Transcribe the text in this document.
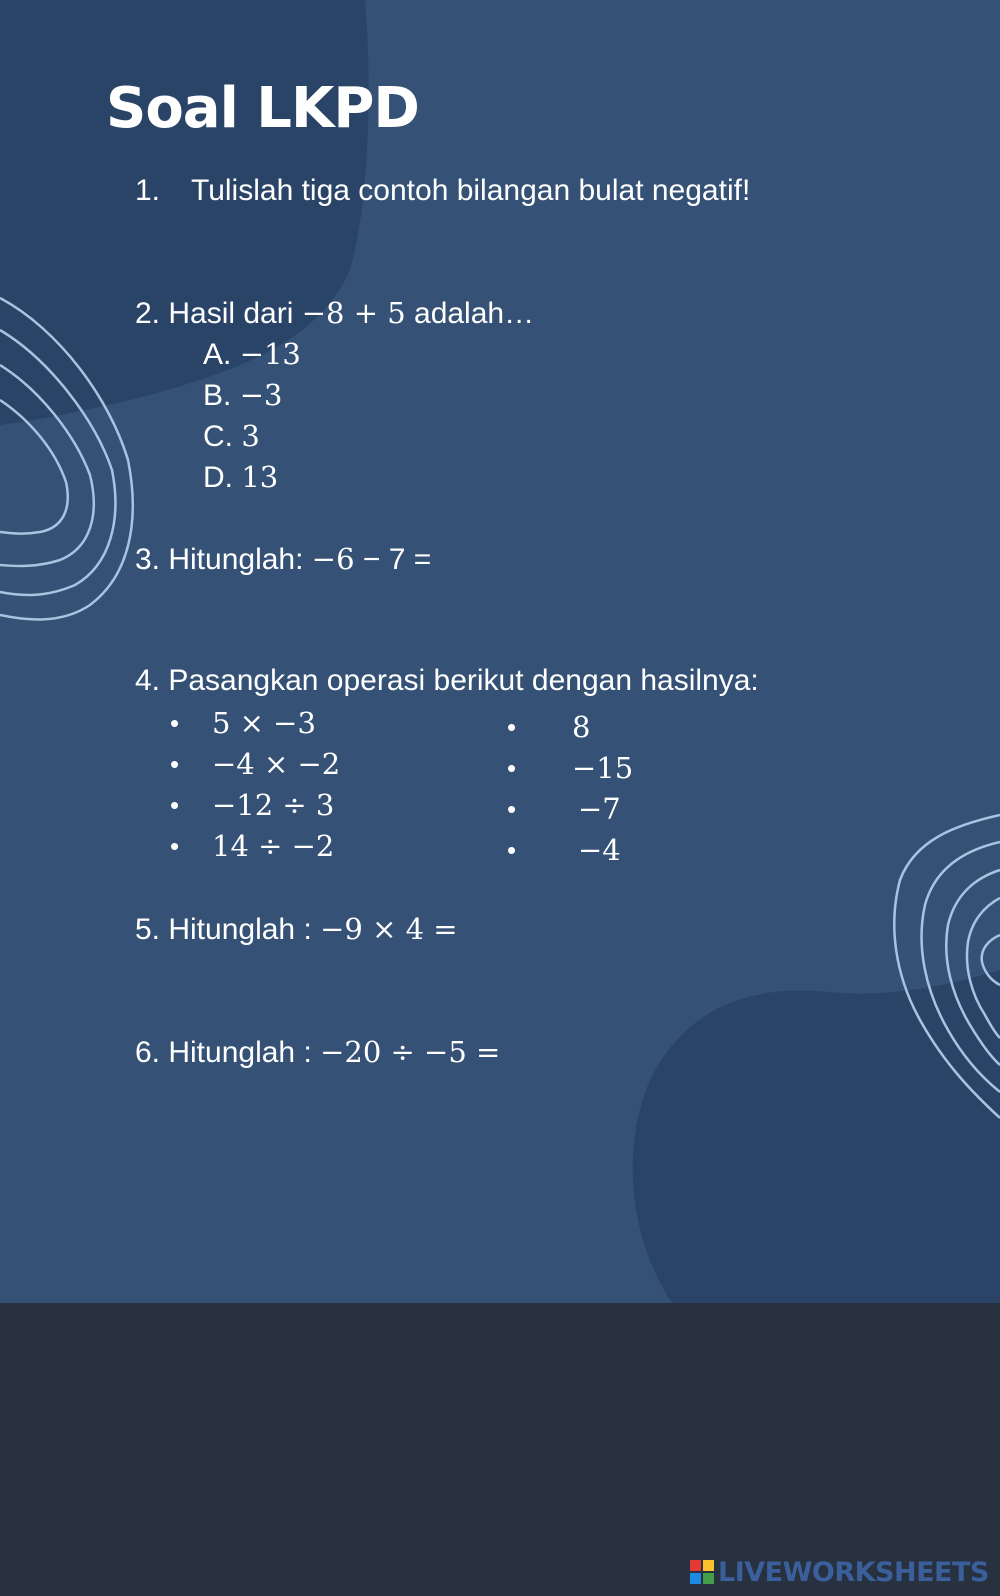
Soal LKPD
1. Tulislah tiga contoh bilangan bulat negatif!
2. Hasil dari −8 + 5 adalah…
A. −13
B. −3
C. 3
D. 13
3. Hitunglah: −6 − 7 =
4. Pasangkan operasi berikut dengan hasilnya:
• 5 × −3
• −4 × −2
• −12 ÷ 3
• 14 ÷ −2
• 8
• −15
• −7
• −4
5. Hitunglah : −9 × 4 =
6. Hitunglah : −20 ÷ −5 =
LIVEWORKSHEETS
